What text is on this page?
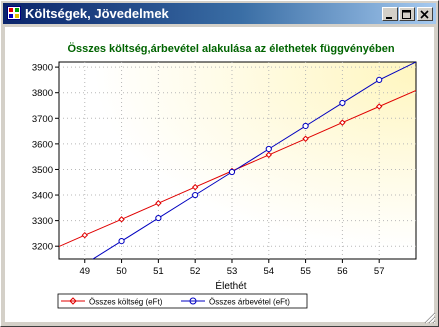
Költségek, Jövedelmek
Összes költség,árbevétel alakulása az élethetek függvényében
3200
3300
3400
3500
3600
3700
3800
3900
49	50	51	52	53	54	55	56	57
Élethét
Összes költség (eFt)	Összes árbevétel (eFt)
